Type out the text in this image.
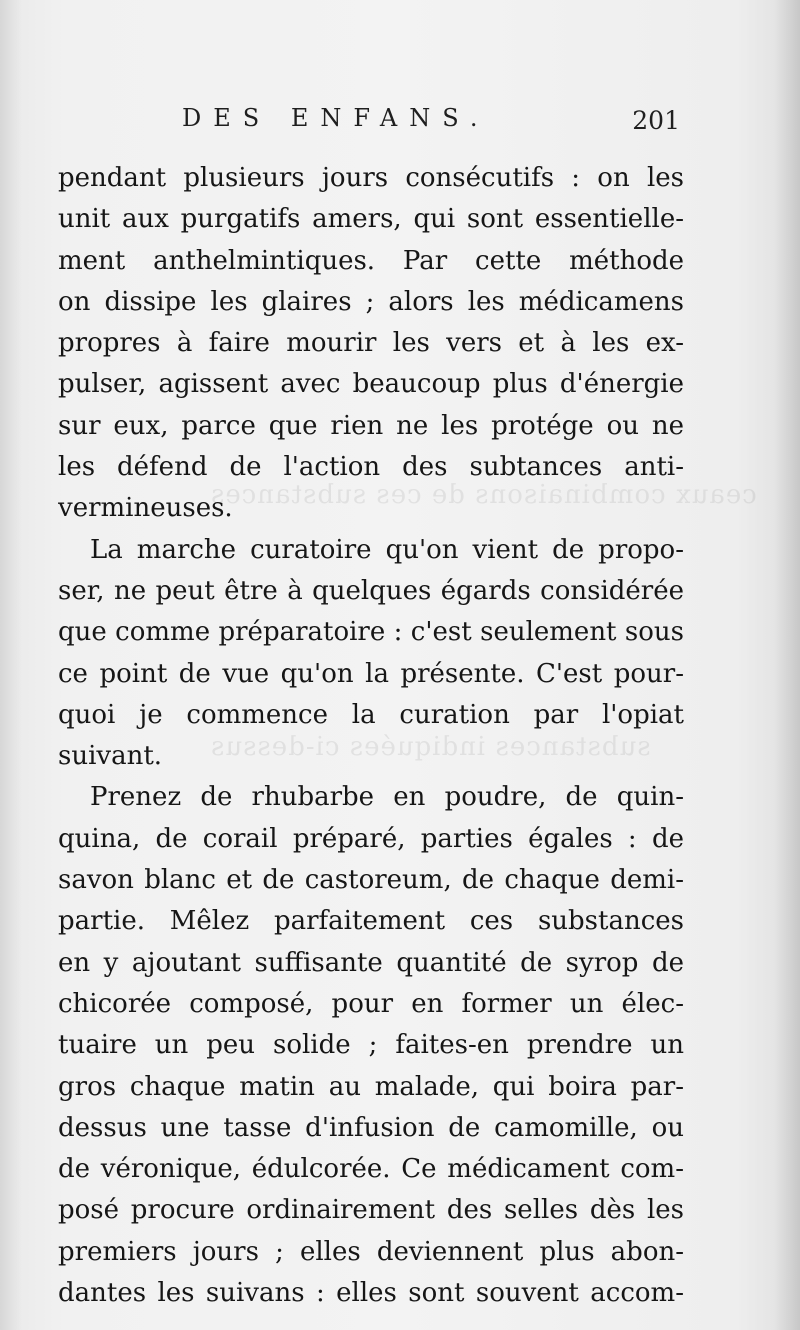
ceaux combinaisons de ces substances
substances indiquées ci-dessus
DES ENFANS.	201
pendant plusieurs jours consécutifs : on les
unit aux purgatifs amers, qui sont essentielle-
ment anthelmintiques. Par cette méthode
on dissipe les glaires ; alors les médicamens
propres à faire mourir les vers et à les ex-
pulser, agissent avec beaucoup plus d'énergie
sur eux, parce que rien ne les protége ou ne
les défend de l'action des subtances anti-
vermineuses.
La marche curatoire qu'on vient de propo-
ser, ne peut être à quelques égards considérée
que comme préparatoire : c'est seulement sous
ce point de vue qu'on la présente. C'est pour-
quoi je commence la curation par l'opiat
suivant.
Prenez de rhubarbe en poudre, de quin-
quina, de corail préparé, parties égales : de
savon blanc et de castoreum, de chaque demi-
partie. Mêlez parfaitement ces substances
en y ajoutant suffisante quantité de syrop de
chicorée composé, pour en former un élec-
tuaire un peu solide ; faites-en prendre un
gros chaque matin au malade, qui boira par-
dessus une tasse d'infusion de camomille, ou
de véronique, édulcorée. Ce médicament com-
posé procure ordinairement des selles dès les
premiers jours ; elles deviennent plus abon-
dantes les suivans : elles sont souvent accom-
